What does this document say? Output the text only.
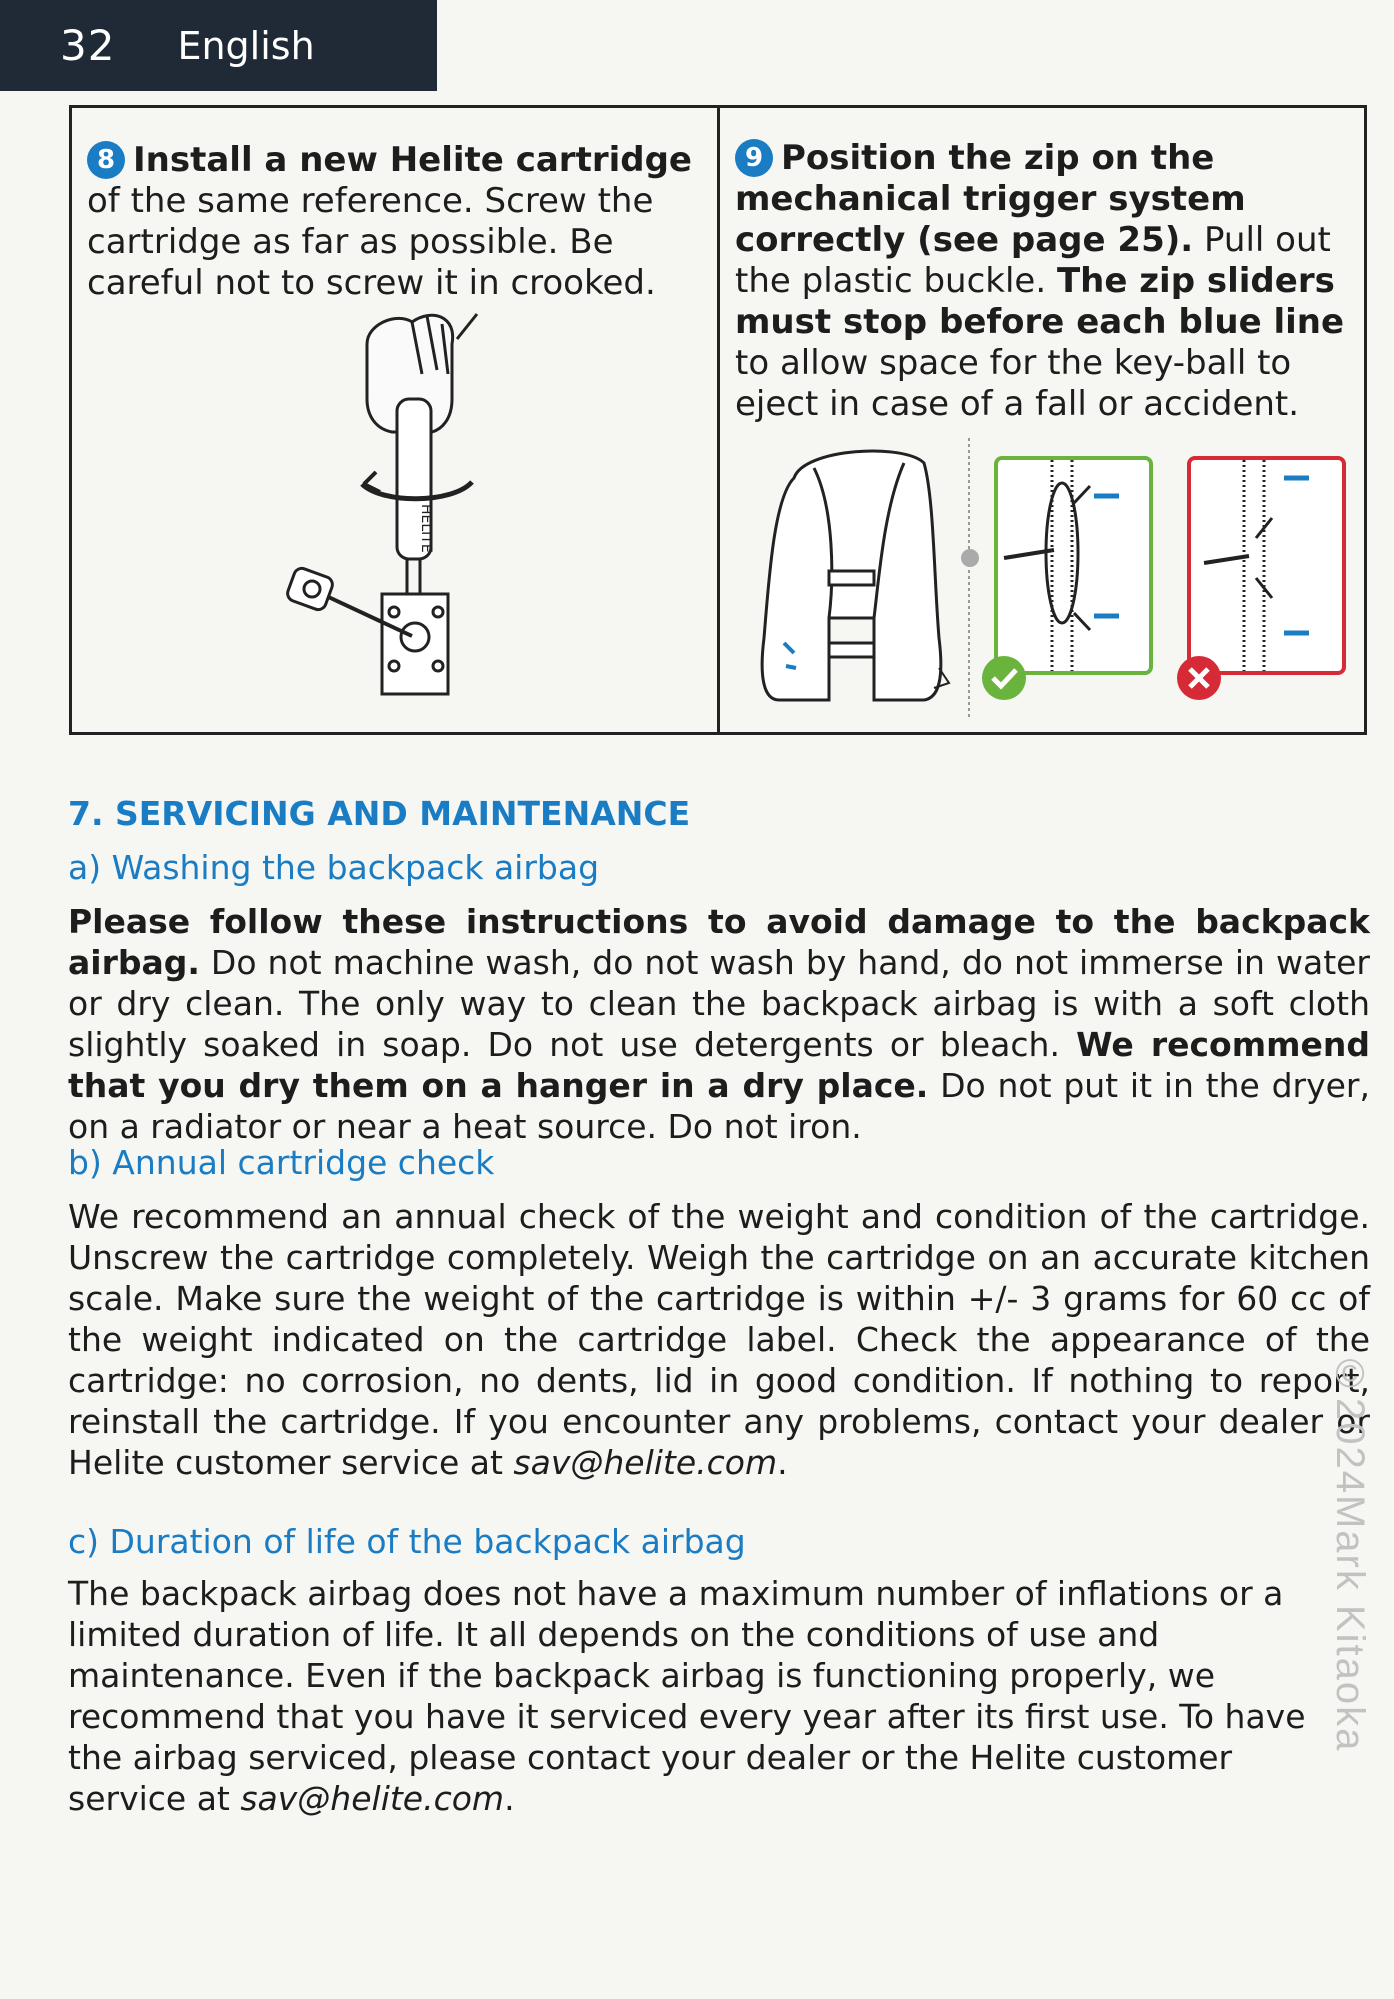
32 English

8 Install a new Helite cartridge of the same reference. Screw the cartridge as far as possible. Be careful not to screw it in crooked.

HELITE

9 Position the zip on the mechanical trigger system correctly (see page 25). Pull out the plastic buckle. The zip sliders must stop before each blue line to allow space for the key-ball to eject in case of a fall or accident.

7. SERVICING AND MAINTENANCE

a) Washing the backpack airbag

Please follow these instructions to avoid damage to the backpack airbag. Do not machine wash, do not wash by hand, do not immerse in water or dry clean. The only way to clean the backpack airbag is with a soft cloth slightly soaked in soap. Do not use detergents or bleach. We recommend that you dry them on a hanger in a dry place. Do not put it in the dryer, on a radiator or near a heat source. Do not iron.

b) Annual cartridge check

We recommend an annual check of the weight and condition of the cartridge. Unscrew the cartridge completely. Weigh the cartridge on an accurate kitchen scale. Make sure the weight of the cartridge is within +/- 3 grams for 60 cc of the weight indicated on the cartridge label. Check the appearance of the cartridge: no corrosion, no dents, lid in good condition. If nothing to report, reinstall the cartridge. If you encounter any problems, contact your dealer or Helite customer service at sav@helite.com.

c) Duration of life of the backpack airbag

The backpack airbag does not have a maximum number of inflations or a limited duration of life. It all depends on the conditions of use and maintenance. Even if the backpack airbag is functioning properly, we recommend that you have it serviced every year after its first use. To have the airbag serviced, please contact your dealer or the Helite customer service at sav@helite.com.

©2024Mark Kitaoka
